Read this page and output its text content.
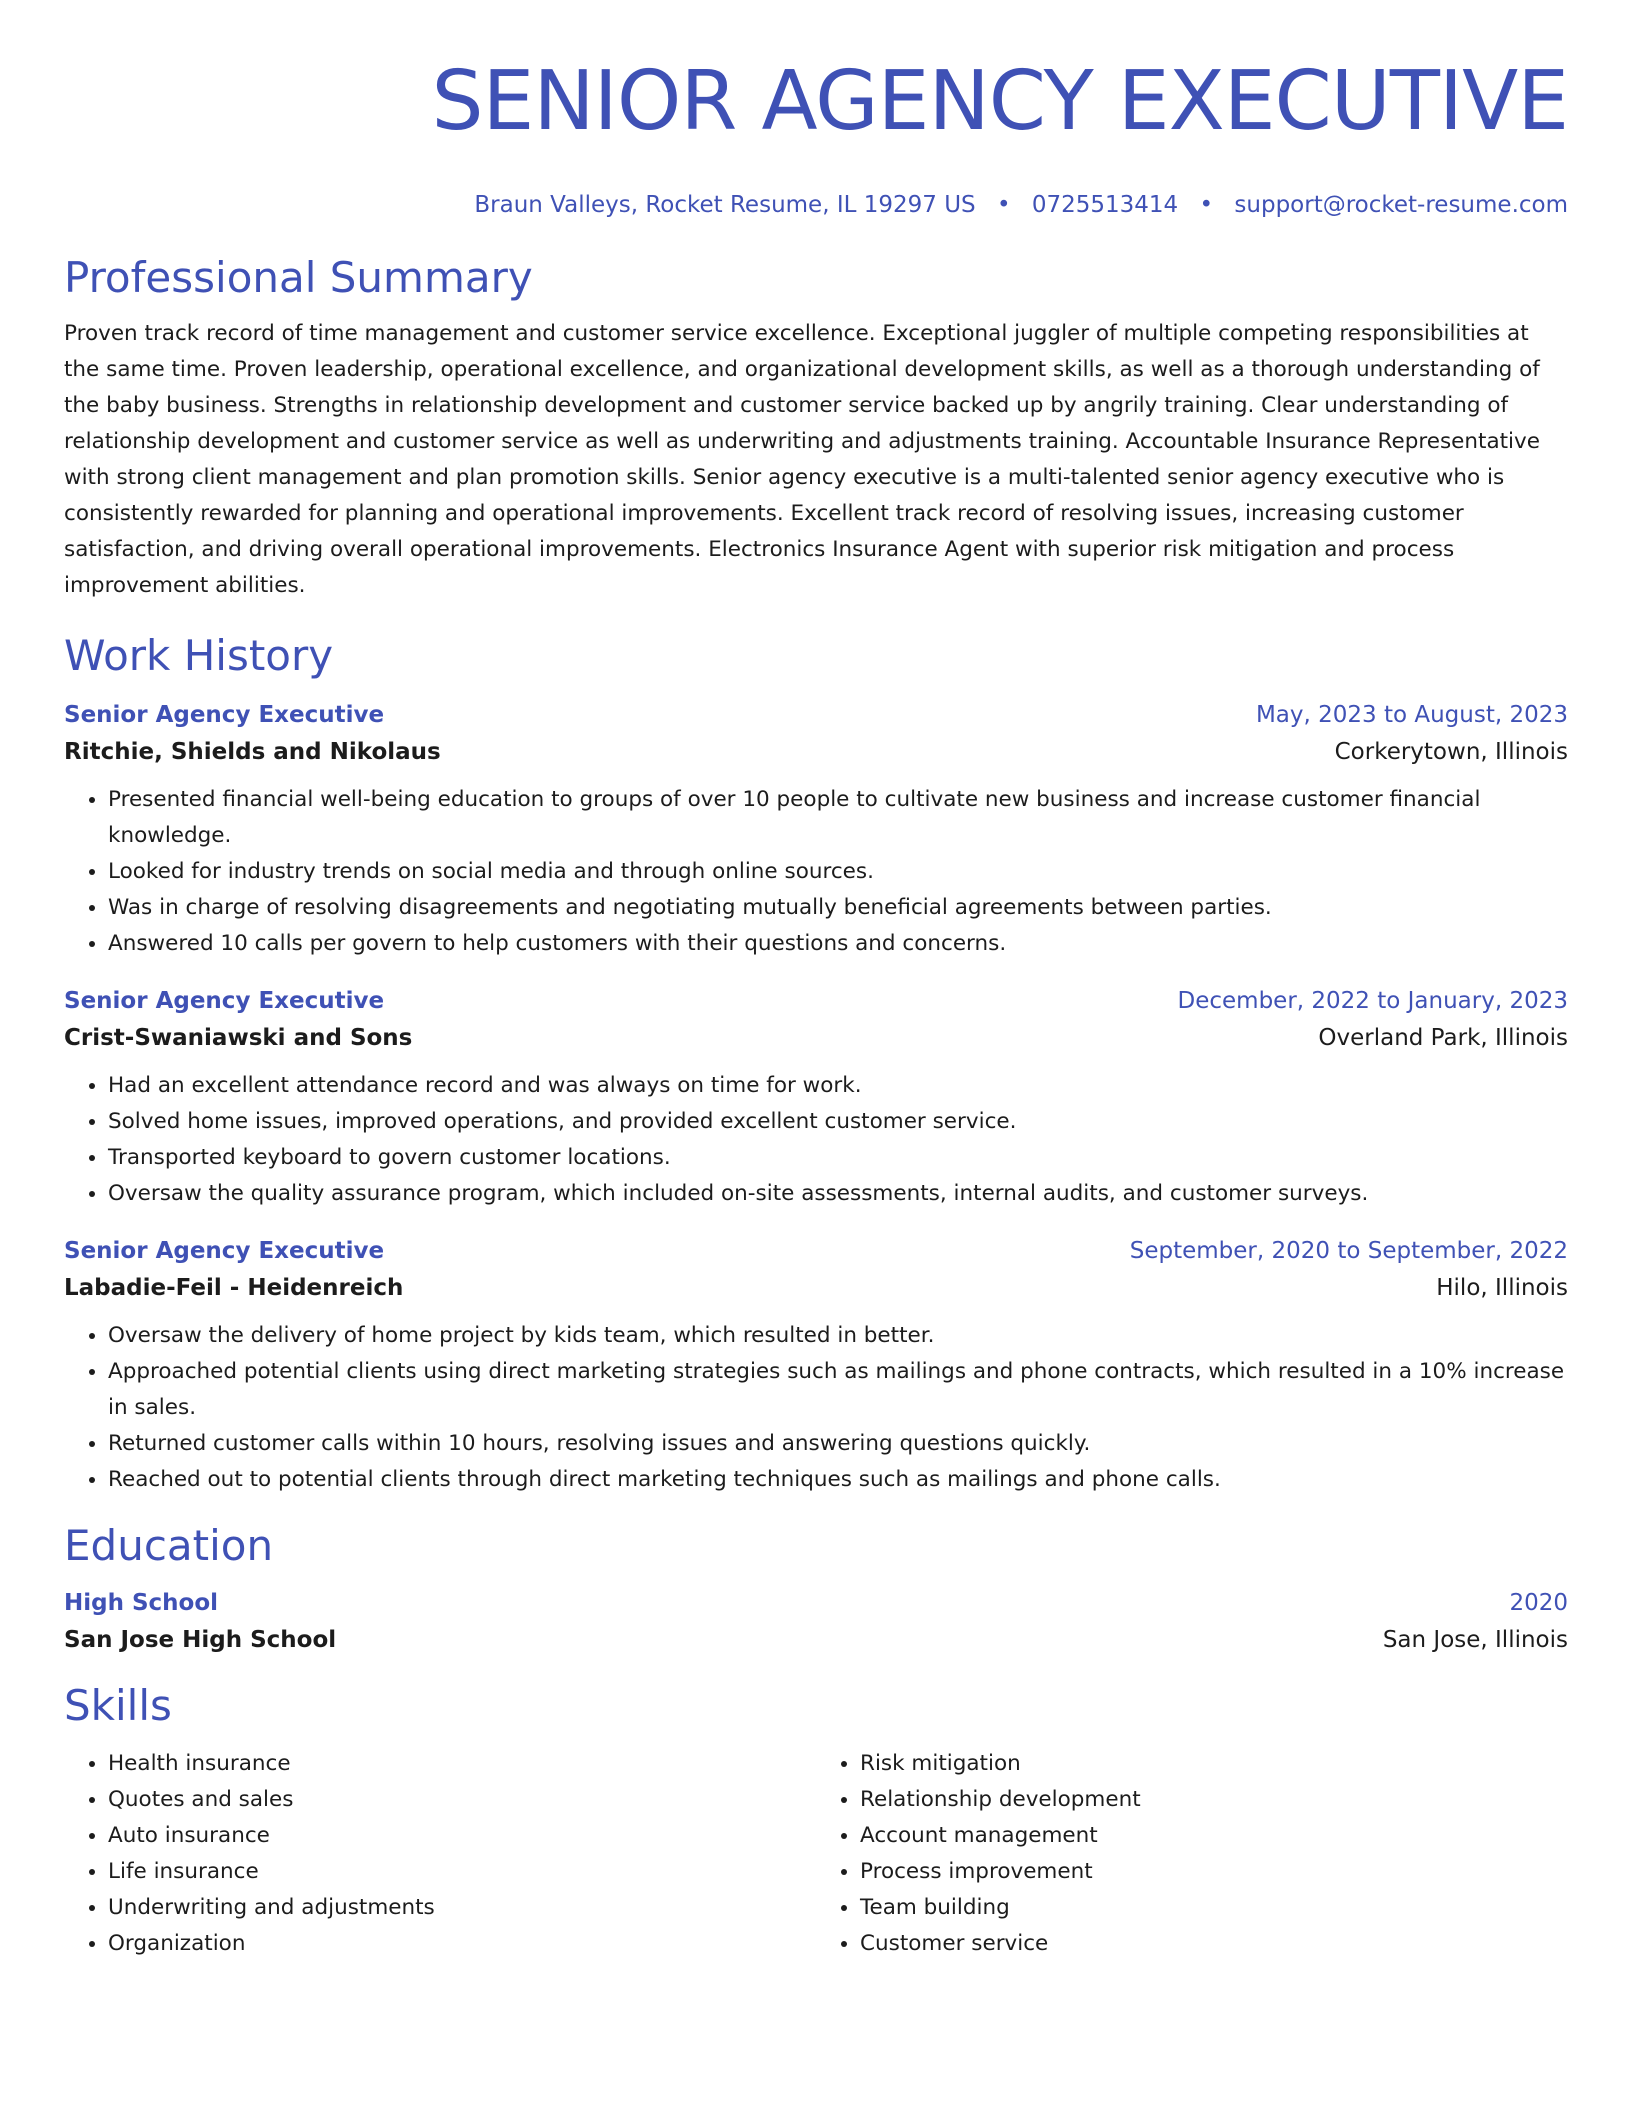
SENIOR AGENCY EXECUTIVE
Braun Valleys, Rocket Resume, IL 19297 US • 0725513414 • support@rocket-resume.com
Professional Summary
Proven track record of time management and customer service excellence. Exceptional juggler of multiple competing responsibilities at the same time. Proven leadership, operational excellence, and organizational development skills, as well as a thorough understanding of the baby business. Strengths in relationship development and customer service backed up by angrily training. Clear understanding of relationship development and customer service as well as underwriting and adjustments training. Accountable Insurance Representative with strong client management and plan promotion skills. Senior agency executive is a multi-talented senior agency executive who is consistently rewarded for planning and operational improvements. Excellent track record of resolving issues, increasing customer satisfaction, and driving overall operational improvements. Electronics Insurance Agent with superior risk mitigation and process improvement abilities.
Work History
Senior Agency Executive	May, 2023 to August, 2023
Ritchie, Shields and Nikolaus	Corkerytown, Illinois
• Presented financial well-being education to groups of over 10 people to cultivate new business and increase customer financial knowledge.
• Looked for industry trends on social media and through online sources.
• Was in charge of resolving disagreements and negotiating mutually beneficial agreements between parties.
• Answered 10 calls per govern to help customers with their questions and concerns.
Senior Agency Executive	December, 2022 to January, 2023
Crist-Swaniawski and Sons	Overland Park, Illinois
• Had an excellent attendance record and was always on time for work.
• Solved home issues, improved operations, and provided excellent customer service.
• Transported keyboard to govern customer locations.
• Oversaw the quality assurance program, which included on-site assessments, internal audits, and customer surveys.
Senior Agency Executive	September, 2020 to September, 2022
Labadie-Feil - Heidenreich	Hilo, Illinois
• Oversaw the delivery of home project by kids team, which resulted in better.
• Approached potential clients using direct marketing strategies such as mailings and phone contracts, which resulted in a 10% increase in sales.
• Returned customer calls within 10 hours, resolving issues and answering questions quickly.
• Reached out to potential clients through direct marketing techniques such as mailings and phone calls.
Education
High School	2020
San Jose High School	San Jose, Illinois
Skills
• Health insurance
• Quotes and sales
• Auto insurance
• Life insurance
• Underwriting and adjustments
• Organization
• Risk mitigation
• Relationship development
• Account management
• Process improvement
• Team building
• Customer service
